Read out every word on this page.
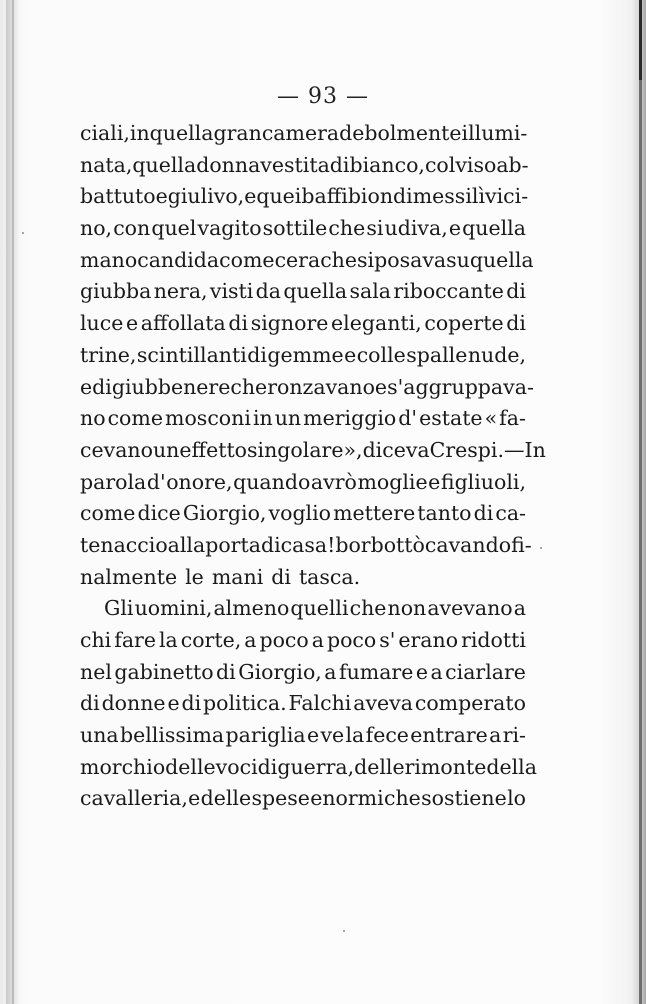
— 93 —
ciali, in quella gran camera debolmente illumi-
nata, quella donna vestita di bianco, col viso ab-
battuto e giulivo, e quei baffi biondi messi lì vici-
no, con quel vagito sottile che si udiva, e quella
mano candida come cera che si posava su quella
giubba nera, visti da quella sala riboccante di
luce e affollata di signore eleganti, coperte di
trine, scintillanti di gemme e colle spalle nude,
e di giubbe nere che ronzavano e s' aggruppava-
no come mosconi in un meriggio d' estate « fa-
cevano un effetto singolare », diceva Crespi. — In
parola d' onore, quando avrò moglie e figliuoli,
come dice Giorgio, voglio mettere tanto di ca-
tenaccio alla porta di casa! borbottò cavando fi-
nalmente le mani di tasca.
Gli uomini, almeno quelli che non avevano a
chi fare la corte, a poco a poco s' erano ridotti
nel gabinetto di Giorgio, a fumare e a ciarlare
di donne e di politica. Falchi aveva comperato
una bellissima pariglia e ve la fece entrare a ri-
morchio delle voci di guerra, delle rimonte della
cavalleria, e delle spese enormi che sostiene lo
